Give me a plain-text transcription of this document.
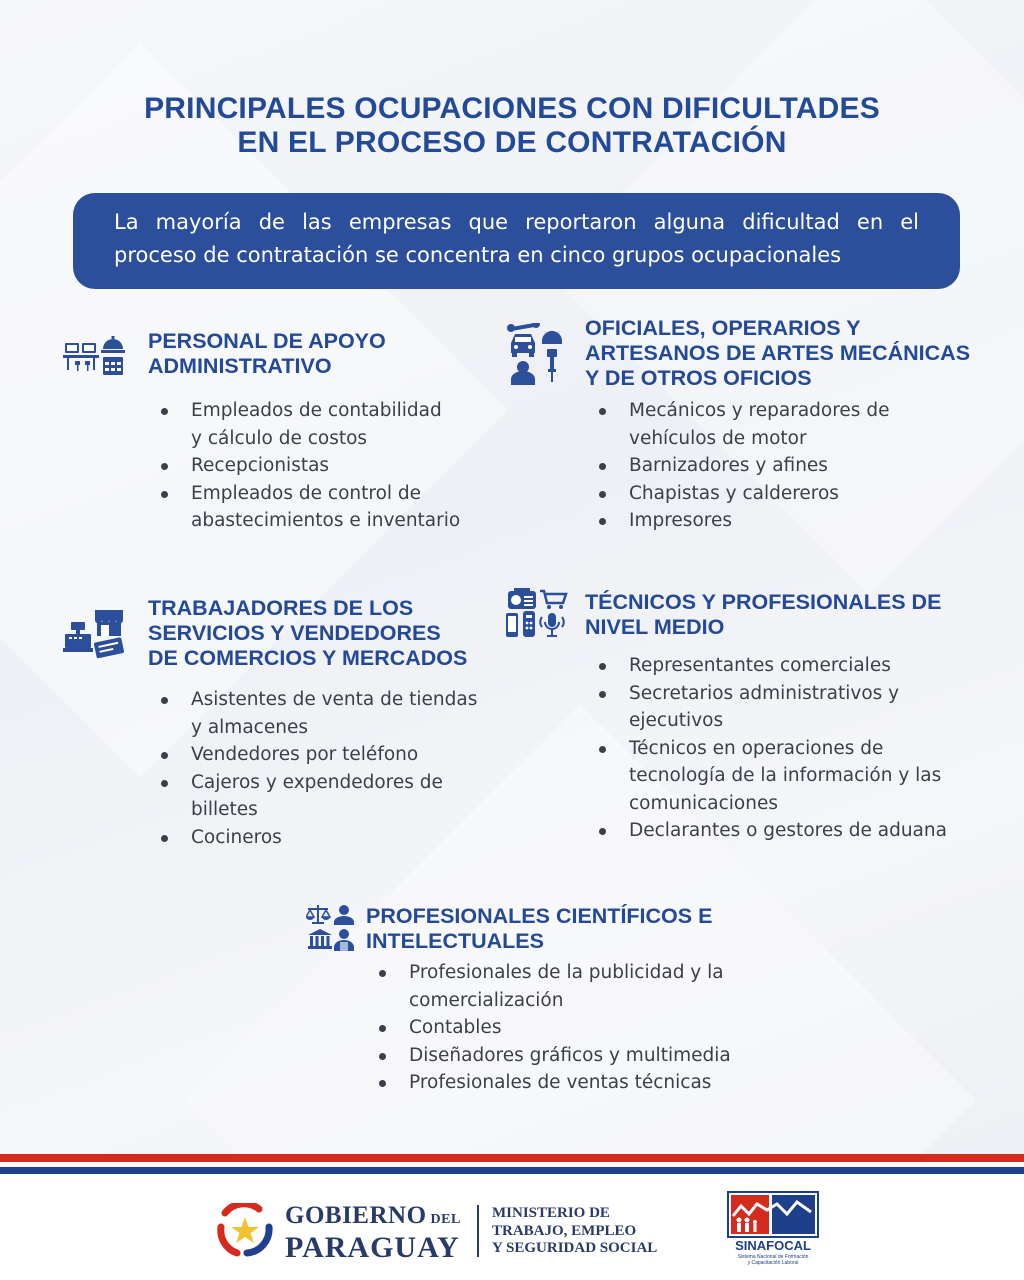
PRINCIPALES OCUPACIONES CON DIFICULTADES
EN EL PROCESO DE CONTRATACIÓN
La mayoría de las empresas que reportaron alguna dificultad en el
proceso de contratación se concentra en cinco grupos ocupacionales
PERSONAL DE APOYO
ADMINISTRATIVO
Empleados de contabilidad
y cálculo de costos
Recepcionistas
Empleados de control de
abastecimientos e inventario
OFICIALES, OPERARIOS Y
ARTESANOS DE ARTES MECÁNICAS
Y DE OTROS OFICIOS
Mecánicos y reparadores de
vehículos de motor
Barnizadores y afines
Chapistas y caldereros
Impresores
TRABAJADORES DE LOS
SERVICIOS Y VENDEDORES
DE COMERCIOS Y MERCADOS
Asistentes de venta de tiendas
y almacenes
Vendedores por teléfono
Cajeros y expendedores de
billetes
Cocineros
TÉCNICOS Y PROFESIONALES DE
NIVEL MEDIO
Representantes comerciales
Secretarios administrativos y
ejecutivos
Técnicos en operaciones de
tecnología de la información y las
comunicaciones
Declarantes o gestores de aduana
PROFESIONALES CIENTÍFICOS E
INTELECTUALES
Profesionales de la publicidad y la
comercialización
Contables
Diseñadores gráficos y multimedia
Profesionales de ventas técnicas
GOBIERNO DEL
PARAGUAY
MINISTERIO DE
TRABAJO, EMPLEO
Y SEGURIDAD SOCIAL	SINAFOCAL
Sistema Nacional de Formación
y Capacitación Laboral
